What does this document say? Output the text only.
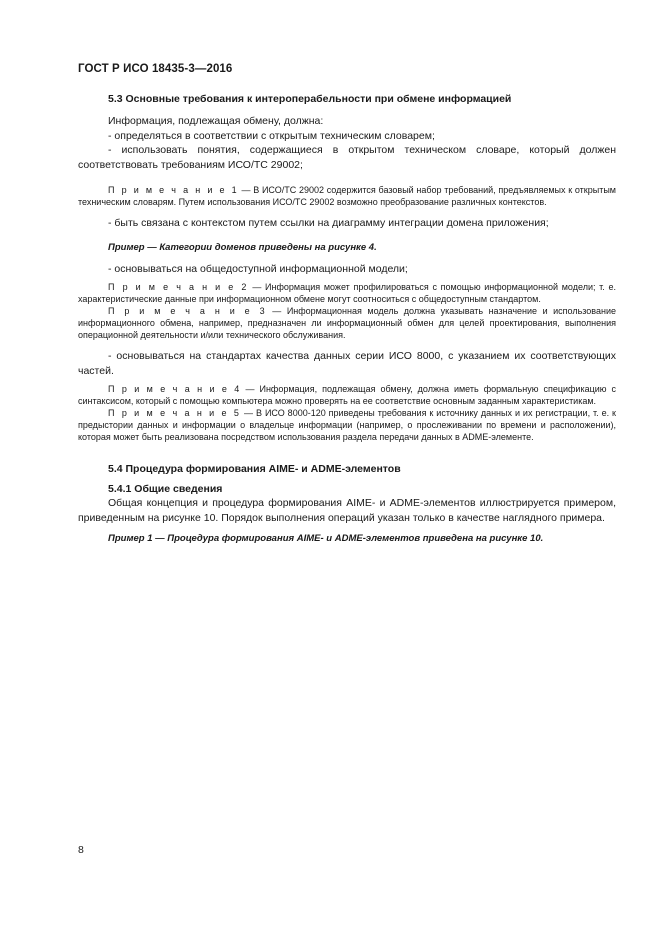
ГОСТ Р ИСО 18435-3—2016
5.3 Основные требования к интероперабельности при обмене информацией

Информация, подлежащая обмену, должна:

- определяться в соответствии с открытым техническим словарем;

- использовать понятия, содержащиеся в открытом техническом словаре, который должен соответствовать требованиям ИСО/ТС 29002;

П р и м е ч а н и е 1 — В ИСО/ТС 29002 содержится базовый набор требований, предъявляемых к открытым техническим словарям. Путем использования ИСО/ТС 29002 возможно преобразование различных контекстов.

- быть связана с контекстом путем ссылки на диаграмму интеграции домена приложения;

Пример — Категории доменов приведены на рисунке 4.

- основываться на общедоступной информационной модели;

П р и м е ч а н и е 2 — Информация может профилироваться с помощью информационной модели; т. е. характеристические данные при информационном обмене могут соотноситься с общедоступным стандартом.

П р и м е ч а н и е 3 — Информационная модель должна указывать назначение и использование информационного обмена, например, предназначен ли информационный обмен для целей проектирования, выполнения операционной деятельности и/или технического обслуживания.

- основываться на стандартах качества данных серии ИСО 8000, с указанием их соответствующих частей.

П р и м е ч а н и е 4 — Информация, подлежащая обмену, должна иметь формальную спецификацию с синтаксисом, который с помощью компьютера можно проверять на ее соответствие основным заданным характеристикам.

П р и м е ч а н и е 5 — В ИСО 8000-120 приведены требования к источнику данных и их регистрации, т. е. к предыстории данных и информации о владельце информации (например, о прослеживании по времени и расположении), которая может быть реализована посредством использования раздела передачи данных в ADME-элементе.

5.4 Процедура формирования AIME- и ADME-элементов
5.4.1 Общие сведения

Общая концепция и процедура формирования AIME- и ADME-элементов иллюстрируется примером, приведенным на рисунке 10. Порядок выполнения операций указан только в качестве наглядного примера.

Пример 1 — Процедура формирования AIME- и ADME-элементов приведена на рисунке 10.

8
